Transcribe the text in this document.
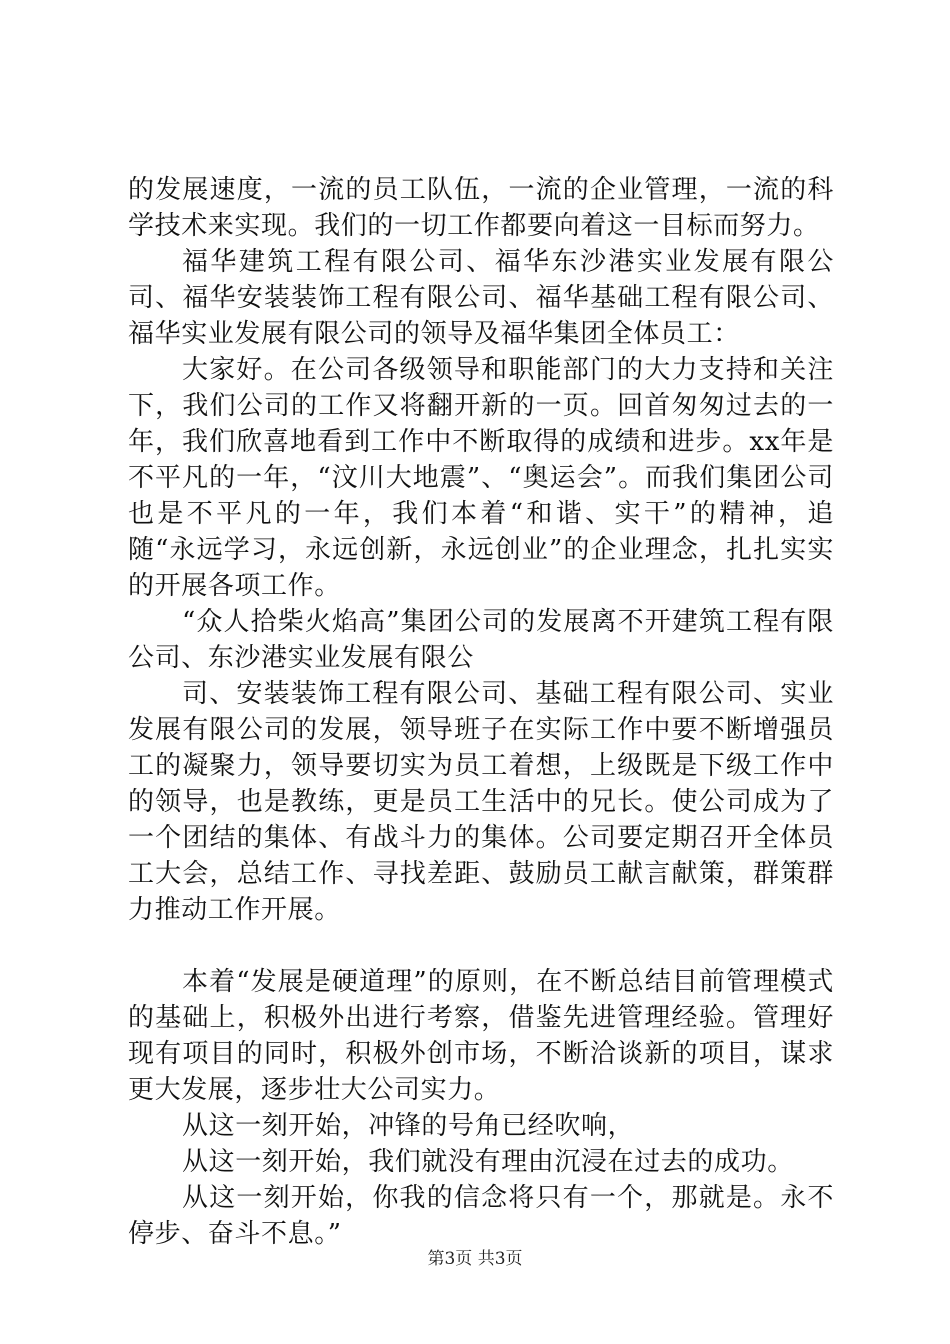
的发展速度，一流的员工队伍，一流的企业管理，一流的科学技术来实现。我们的一切工作都要向着这一目标而努力。

福华建筑工程有限公司、福华东沙港实业发展有限公司、福华安装装饰工程有限公司、福华基础工程有限公司、福华实业发展有限公司的领导及福华集团全体员工：

大家好。在公司各级领导和职能部门的大力支持和关注下，我们公司的工作又将翻开新的一页。回首匆匆过去的一年，我们欣喜地看到工作中不断取得的成绩和进步。xx年是不平凡的一年，“汶川大地震”、“奥运会”。而我们集团公司也是不平凡的一年，我们本着“和谐、实干”的精神，追随“永远学习，永远创新，永远创业”的企业理念，扎扎实实的开展各项工作。

“众人拾柴火焰高”集团公司的发展离不开建筑工程有限公司、东沙港实业发展有限公

司、安装装饰工程有限公司、基础工程有限公司、实业发展有限公司的发展，领导班子在实际工作中要不断增强员工的凝聚力，领导要切实为员工着想，上级既是下级工作中的领导，也是教练，更是员工生活中的兄长。使公司成为了一个团结的集体、有战斗力的集体。公司要定期召开全体员工大会，总结工作、寻找差距、鼓励员工献言献策，群策群力推动工作开展。

本着“发展是硬道理”的原则，在不断总结目前管理模式的基础上，积极外出进行考察，借鉴先进管理经验。管理好现有项目的同时，积极外创市场，不断洽谈新的项目，谋求更大发展，逐步壮大公司实力。

从这一刻开始，冲锋的号角已经吹响，

从这一刻开始，我们就没有理由沉浸在过去的成功。

从这一刻开始，你我的信念将只有一个，那就是。永不停步、奋斗不息。”

第3页 共3页
